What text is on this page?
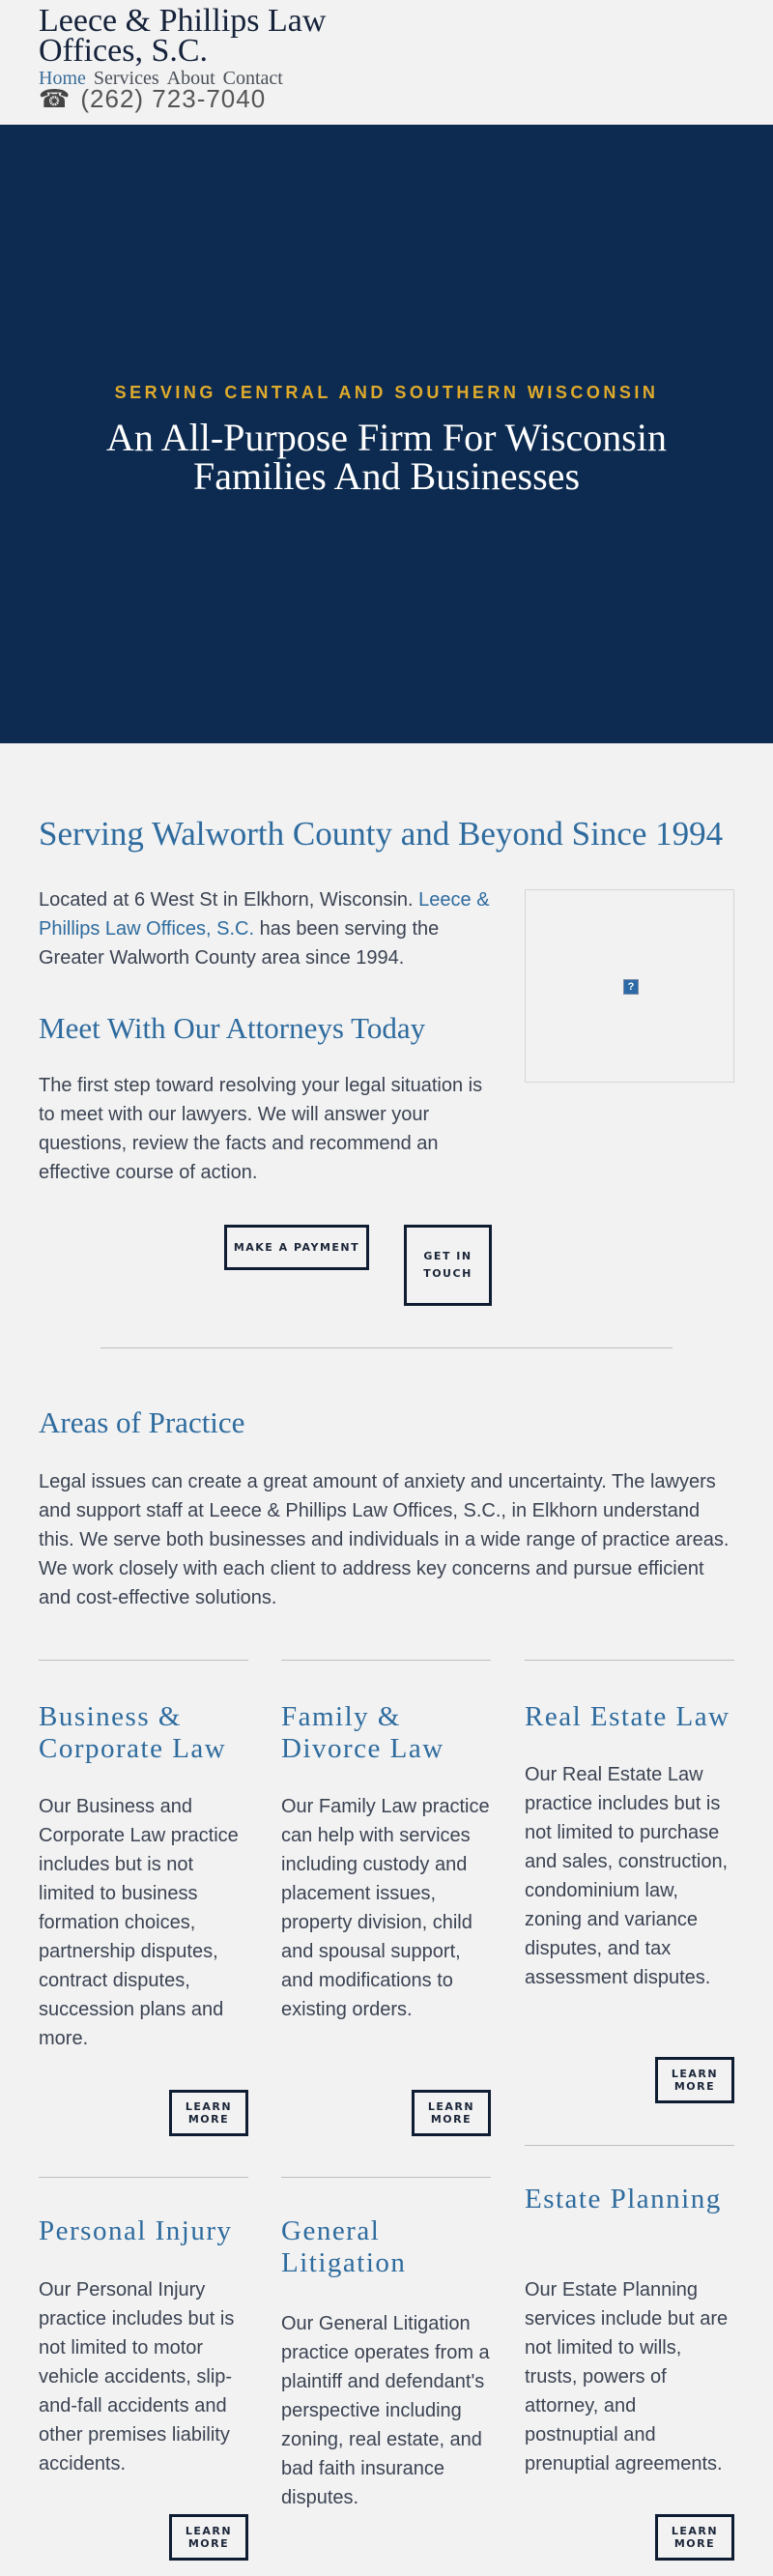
Leece & Phillips Law Offices, S.C.
Home Services About Contact
☎ (262) 723-7040
SERVING CENTRAL AND SOUTHERN WISCONSIN
An All-Purpose Firm For Wisconsin Families And Businesses
Serving Walworth County and Beyond Since 1994

Located at 6 West St in Elkhorn, Wisconsin. Leece & Phillips Law Offices, S.C. has been serving the Greater Walworth County area since 1994.

?
Meet With Our Attorneys Today

The first step toward resolving your legal situation is to meet with our lawyers. We will answer your questions, review the facts and recommend an effective course of action.

MAKE A PAYMENT
GET IN TOUCH
Areas of Practice

Legal issues can create a great amount of anxiety and uncertainty. The lawyers and support staff at Leece & Phillips Law Offices, S.C., in Elkhorn understand this. We serve both businesses and individuals in a wide range of practice areas. We work closely with each client to address key concerns and pursue efficient and cost-effective solutions.

Business & Corporate Law

Our Business and Corporate Law practice includes but is not limited to business formation choices, partnership disputes, contract disputes, succession plans and more.

LEARN MORE
Family & Divorce Law

Our Family Law practice can help with services including custody and placement issues, property division, child and spousal support, and modifications to existing orders.

LEARN MORE
Real Estate Law

Our Real Estate Law practice includes but is not limited to purchase and sales, construction, condominium law, zoning and variance disputes, and tax assessment disputes.

LEARN MORE
Personal Injury

Our Personal Injury practice includes but is not limited to motor vehicle accidents, slip-and-fall accidents and other premises liability accidents.

LEARN MORE
General Litigation

Our General Litigation practice operates from a plaintiff and defendant's perspective including zoning, real estate, and bad faith insurance disputes.

Estate Planning

Our Estate Planning services include but are not limited to wills, trusts, powers of attorney, and postnuptial and prenuptial agreements.

LEARN MORE
